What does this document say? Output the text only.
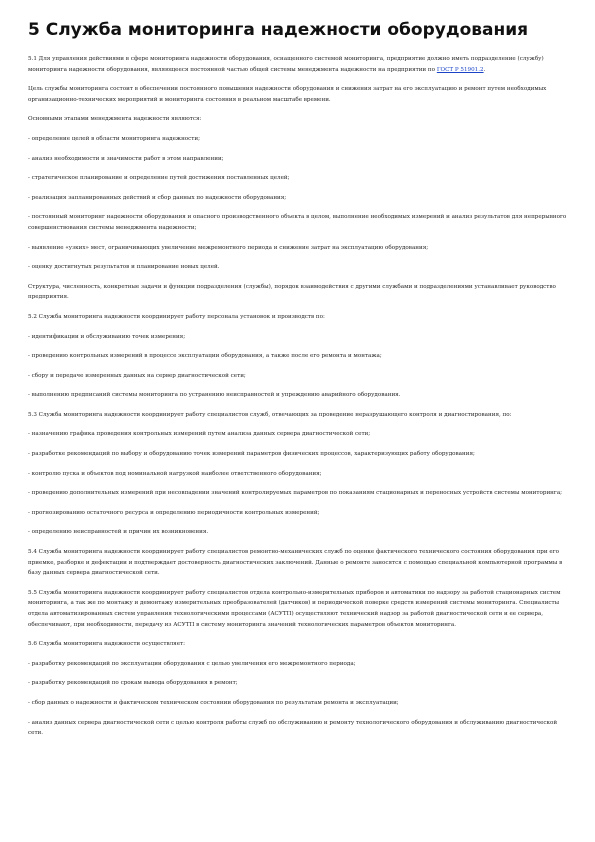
5 Служба мониторинга надежности оборудования

5.1 Для управления действиями в сфере мониторинга надежности оборудования, оснащенного системой мониторинга, предприятие должно иметь подразделение (службу) мониторинга надежности оборудования, являющееся постоянной частью общей системы менеджмента надежности на предприятии по ГОСТ Р 51901.2.

Цель службы мониторинга состоит в обеспечении постоянного повышения надежности оборудования и снижения затрат на его эксплуатацию и ремонт путем необходимых организационно-технических мероприятий и мониторинга состояния в реальном масштабе времени.

Основными этапами менеджмента надежности являются:

- определение целей в области мониторинга надежности;

- анализ необходимости и значимости работ в этом направлении;

- стратегическое планирование и определение путей достижения поставленных целей;

- реализация запланированных действий и сбор данных по надежности оборудования;

- постоянный мониторинг надежности оборудования и опасного производственного объекта в целом, выполнение необходимых измерений и анализ результатов для непрерывного совершенствования системы менеджмента надежности;

- выявление «узких» мест, ограничивающих увеличение межремонтного периода и снижение затрат на эксплуатацию оборудования;

- оценку достигнутых результатов и планирование новых целей.

Структура, численность, конкретные задачи и функции подразделения (службы), порядок взаимодействия с другими службами и подразделениями устанавливает руководство предприятия.

5.2 Служба мониторинга надежности координирует работу персонала установок и производств по:

- идентификации и обслуживанию точек измерения;

- проведению контрольных измерений в процессе эксплуатации оборудования, а также после его ремонта и монтажа;

- сбору и передаче измеренных данных на сервер диагностической сети;

- выполнению предписаний системы мониторинга по устранению неисправностей и упреждению аварийного оборудования.

5.3 Служба мониторинга надежности координирует работу специалистов служб, отвечающих за проведение неразрушающего контроля и диагностирования, по:

- назначению графика проведения контрольных измерений путем анализа данных сервера диагностической сети;

- разработке рекомендаций по выбору и оборудованию точек измерений параметров физических процессов, характеризующих работу оборудования;

- контролю пуска и объектов под номинальной нагрузкой наиболее ответственного оборудования;

- проведению дополнительных измерений при несовпадении значений контролируемых параметров по показаниям стационарных и переносных устройств системы мониторинга;

- прогнозированию остаточного ресурса и определению периодичности контрольных измерений;

- определению неисправностей и причин их возникновения.

5.4 Служба мониторинга надежности координирует работу специалистов ремонтно-механических служб по оценке фактического технического состояния оборудования при его приемке, разборке и дефектации и подтверждает достоверность диагностических заключений. Данные о ремонте заносятся с помощью специальной компьютерной программы в базу данных сервера диагностической сети.

5.5 Служба мониторинга надежности координирует работу специалистов отдела контрольно-измерительных приборов и автоматики по надзору за работой стационарных систем мониторинга, а так же по монтажу и демонтажу измерительных преобразователей (датчиков) и периодической поверке средств измерений системы мониторинга. Специалисты отдела автоматизированных систем управления технологическими процессами (АСУТП) осуществляют технический надзор за работой диагностической сети и ее сервера, обеспечивают, при необходимости, передачу из АСУТП в систему мониторинга значений технологических параметров объектов мониторинга.

5.6 Служба мониторинга надежности осуществляет:

- разработку рекомендаций по эксплуатации оборудования с целью увеличения его межремонтного периода;

- разработку рекомендаций по срокам вывода оборудования в ремонт;

- сбор данных о надежности и фактическом техническом состоянии оборудования по результатам ремонта и эксплуатации;

- анализ данных сервера диагностической сети с целью контроля работы служб по обслуживанию и ремонту технологического оборудования и обслуживанию диагностической сети.
